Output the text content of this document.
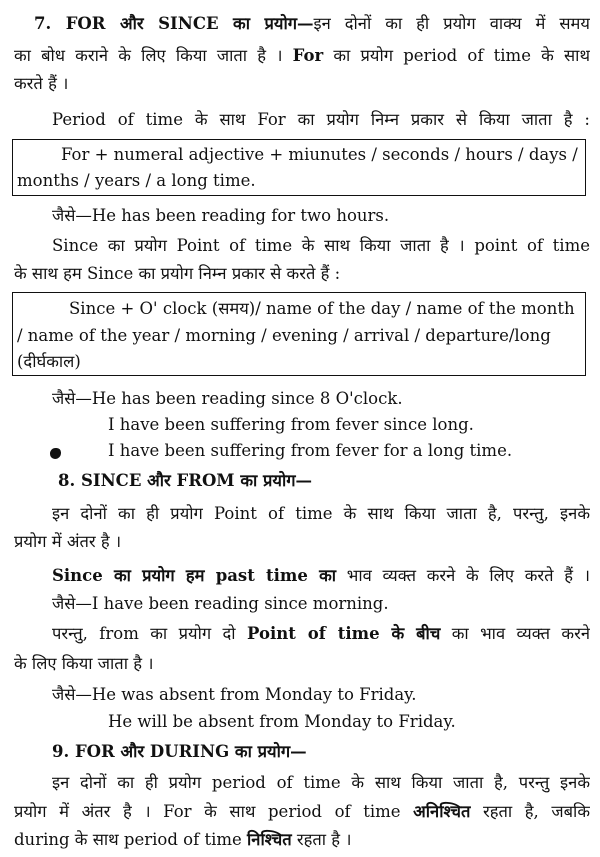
7. FOR और SINCE का प्रयोग—इन दोनों का ही प्रयोग वाक्य में समय
का बोध कराने के लिए किया जाता है । For का प्रयोग period of time के साथ
करते हैं ।
Period of time के साथ For का प्रयोग निम्न प्रकार से किया जाता है :
For + numeral adjective + miunutes / seconds / hours / days /
months / years / a long time.
जैसे—He has been reading for two hours.
Since का प्रयोग Point of time के साथ किया जाता है । point of time
के साथ हम Since का प्रयोग निम्न प्रकार से करते हैं :
Since + O' clock (समय)/ name of the day / name of the month
/ name of the year / morning / evening / arrival / departure/long
(दीर्घकाल)
जैसे—He has been reading since 8 O'clock.
I have been suffering from fever since long.
I have been suffering from fever for a long time.
8. SINCE और FROM का प्रयोग—
इन दोनों का ही प्रयोग Point of time के साथ किया जाता है, परन्तु, इनके
प्रयोग में अंतर है ।
Since का प्रयोग हम past time का भाव व्यक्त करने के लिए करते हैं ।
जैसे—I have been reading since morning.
परन्तु, from का प्रयोग दो Point of time के बीच का भाव व्यक्त करने
के लिए किया जाता है ।
जैसे—He was absent from Monday to Friday.
He will be absent from Monday to Friday.
9. FOR और DURING का प्रयोग—
इन दोनों का ही प्रयोग period of time के साथ किया जाता है, परन्तु इनके
प्रयोग में अंतर है । For के साथ period of time अनिश्चित रहता है, जबकि
during के साथ period of time निश्चित रहता है ।
